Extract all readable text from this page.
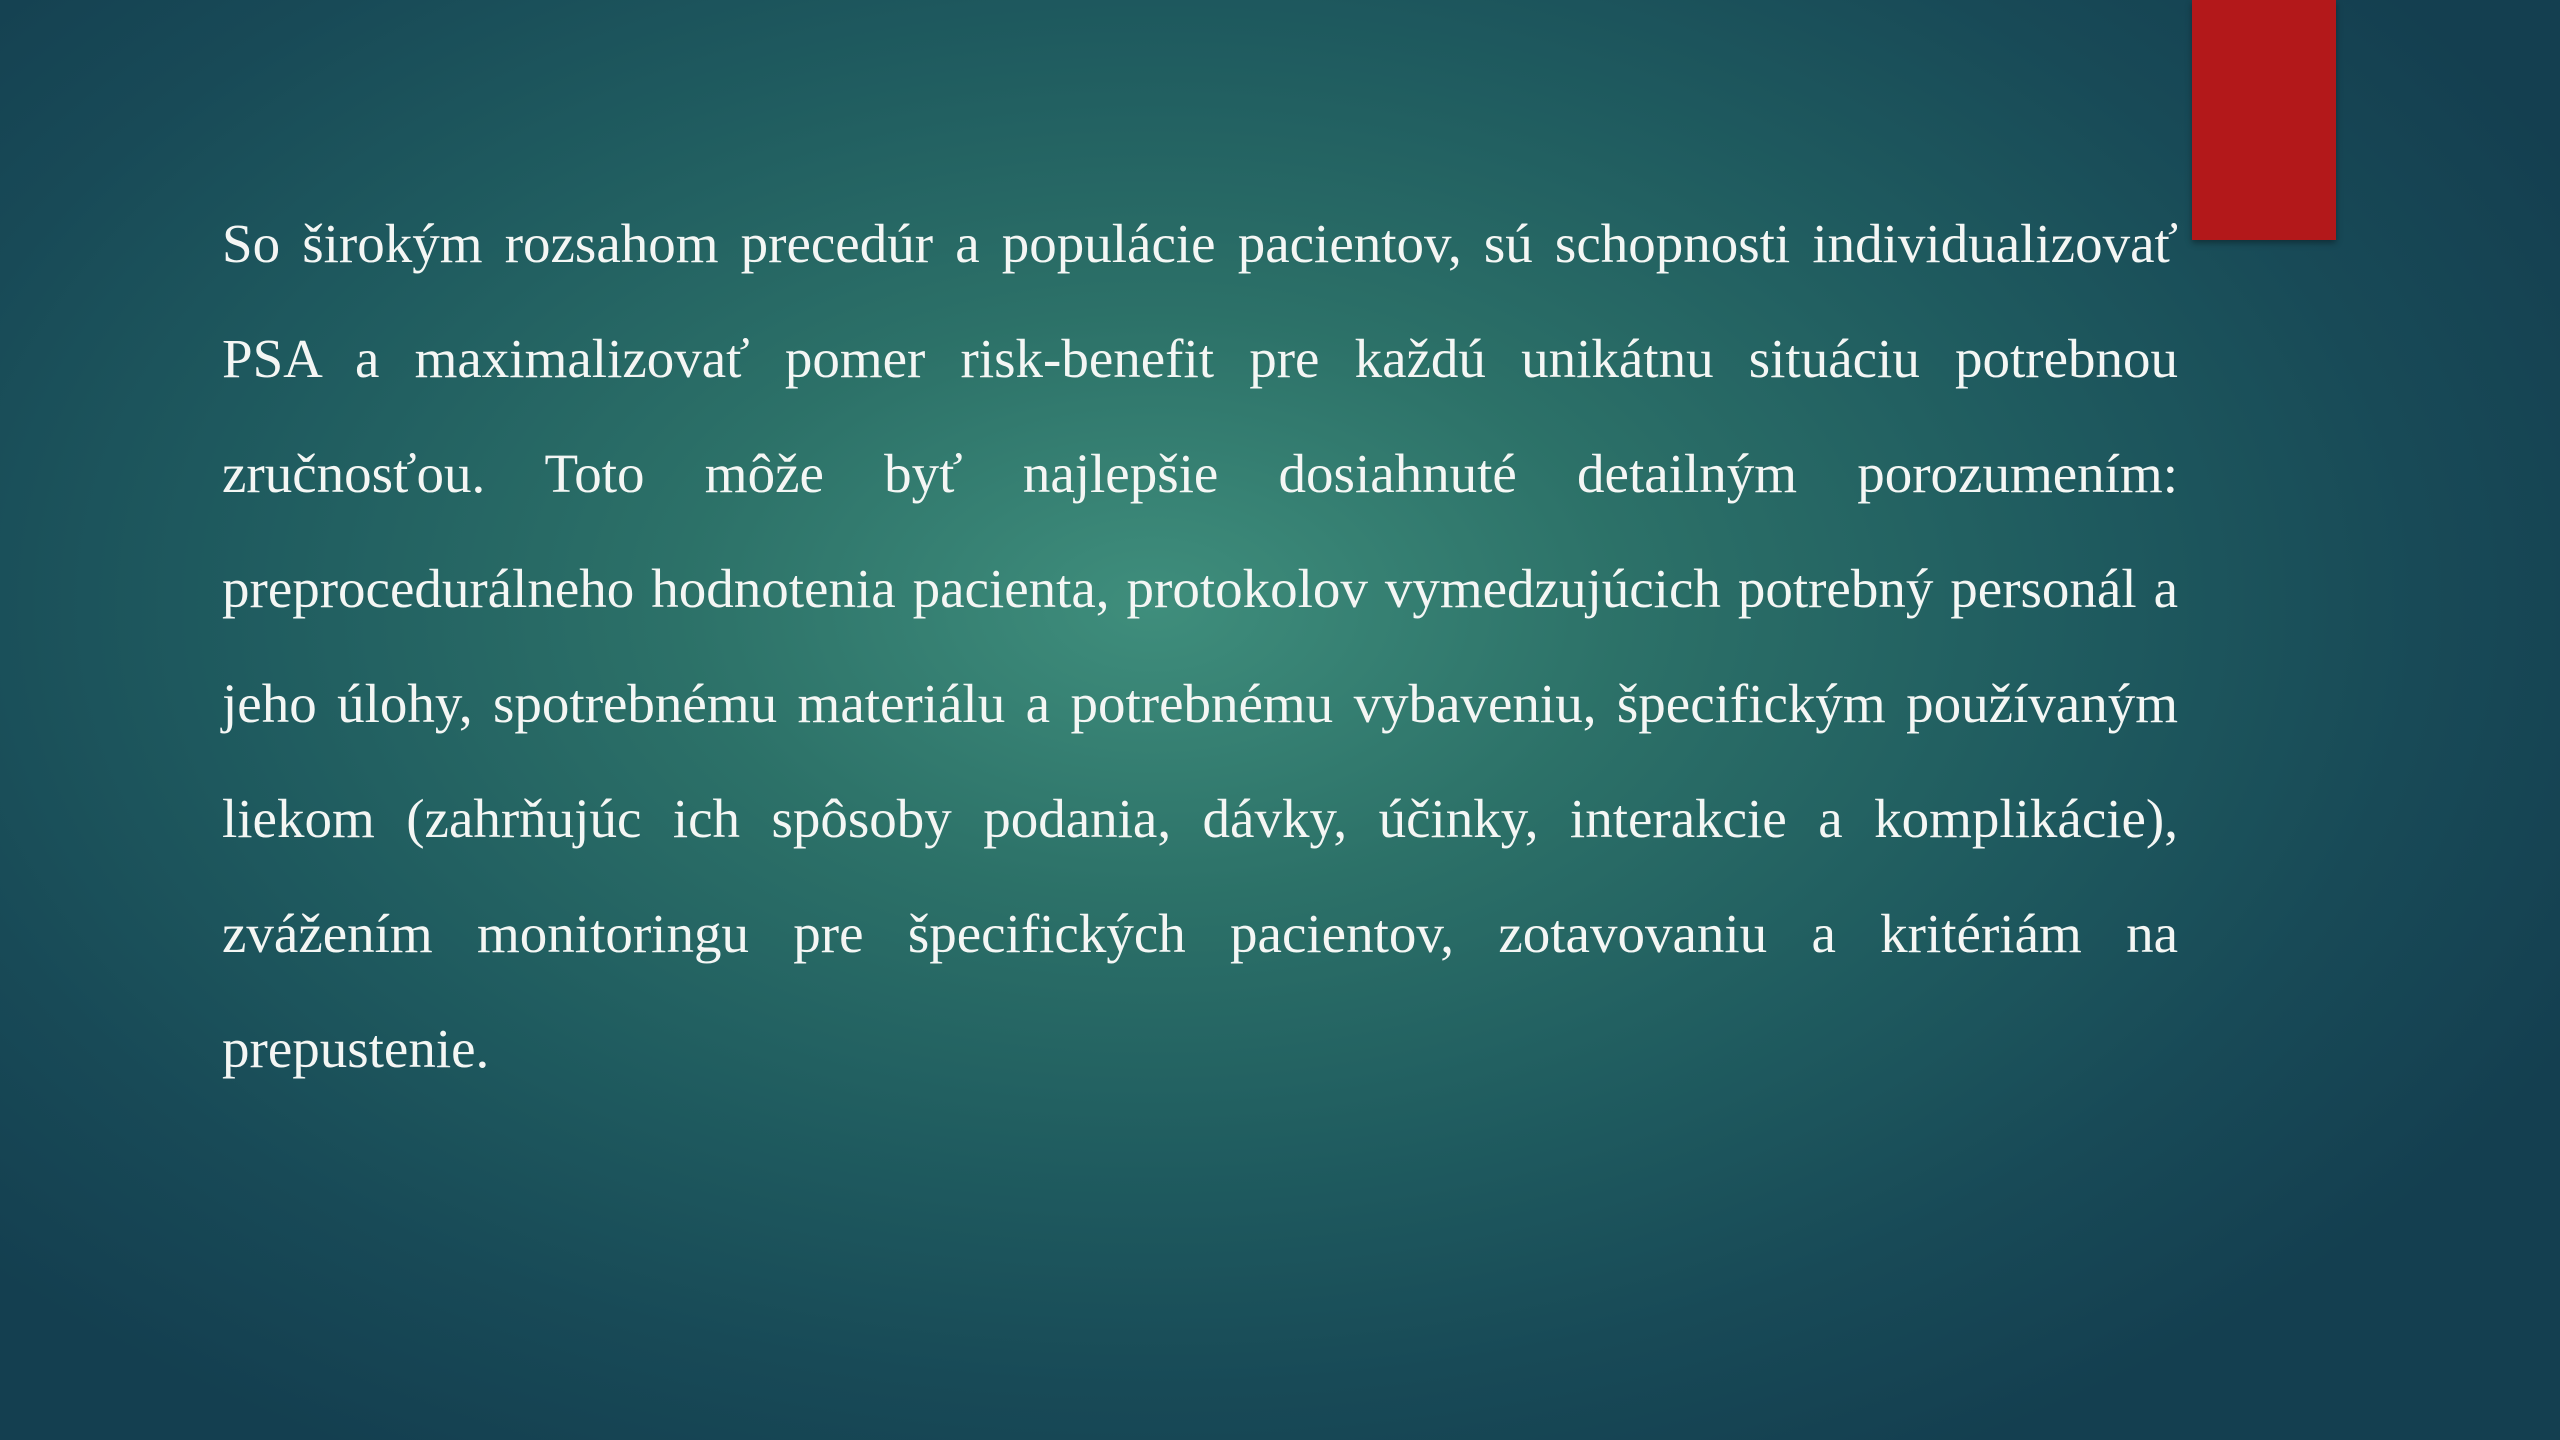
So širokým rozsahom precedúr a populácie pacientov, sú schopnosti individualizovať PSA a maximalizovať pomer risk-benefit pre každú unikátnu situáciu potrebnou zručnosťou. Toto môže byť najlepšie dosiahnuté detailným porozumením: preprocedurálneho hodnotenia pacienta, protokolov vymedzujúcich potrebný personál a jeho úlohy, spotrebnému materiálu a potrebnému vybaveniu, špecifickým používaným liekom (zahrňujúc ich spôsoby podania, dávky, účinky, interakcie a komplikácie), zvážením monitoringu pre špecifických pacientov, zotavovaniu a kritériám na prepustenie.
